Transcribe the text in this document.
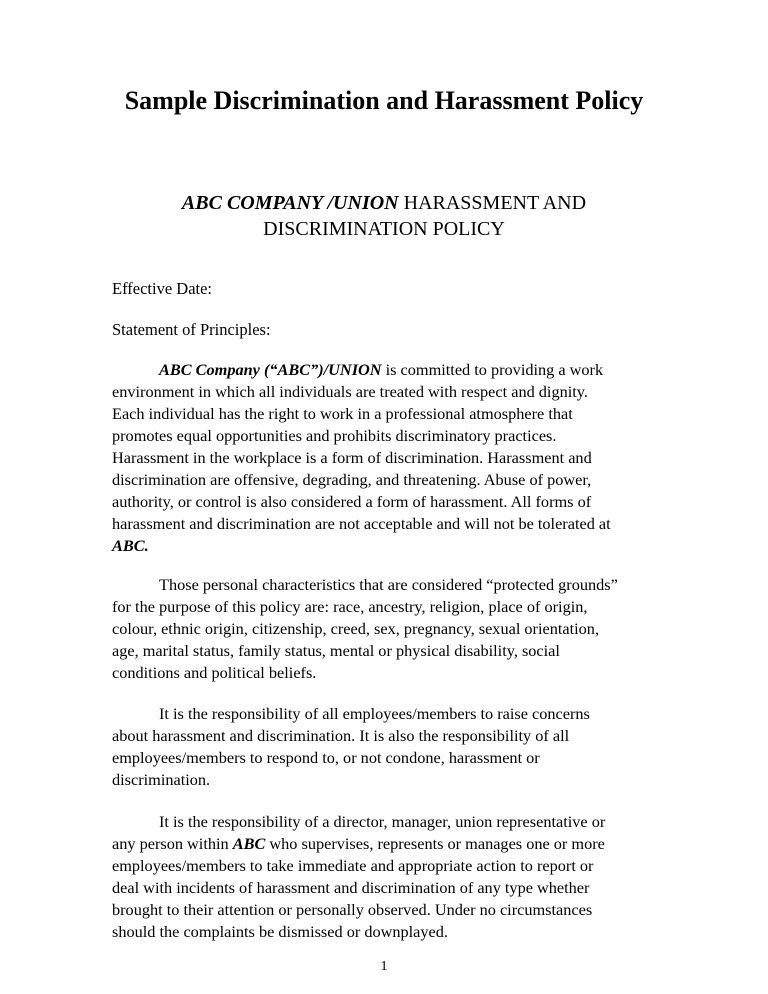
Sample Discrimination and Harassment Policy
ABC COMPANY /UNION HARASSMENT AND
DISCRIMINATION POLICY

Effective Date:

Statement of Principles:

ABC Company (“ABC”)/UNION is committed to providing a work
environment in which all individuals are treated with respect and dignity.
Each individual has the right to work in a professional atmosphere that
promotes equal opportunities and prohibits discriminatory practices.
Harassment in the workplace is a form of discrimination. Harassment and
discrimination are offensive, degrading, and threatening. Abuse of power,
authority, or control is also considered a form of harassment. All forms of
harassment and discrimination are not acceptable and will not be tolerated at
ABC.
Those personal characteristics that are considered “protected grounds”
for the purpose of this policy are: race, ancestry, religion, place of origin,
colour, ethnic origin, citizenship, creed, sex, pregnancy, sexual orientation,
age, marital status, family status, mental or physical disability, social
conditions and political beliefs.
It is the responsibility of all employees/members to raise concerns
about harassment and discrimination. It is also the responsibility of all
employees/members to respond to, or not condone, harassment or
discrimination.
It is the responsibility of a director, manager, union representative or
any person within ABC who supervises, represents or manages one or more
employees/members to take immediate and appropriate action to report or
deal with incidents of harassment and discrimination of any type whether
brought to their attention or personally observed. Under no circumstances
should the complaints be dismissed or downplayed.

1
